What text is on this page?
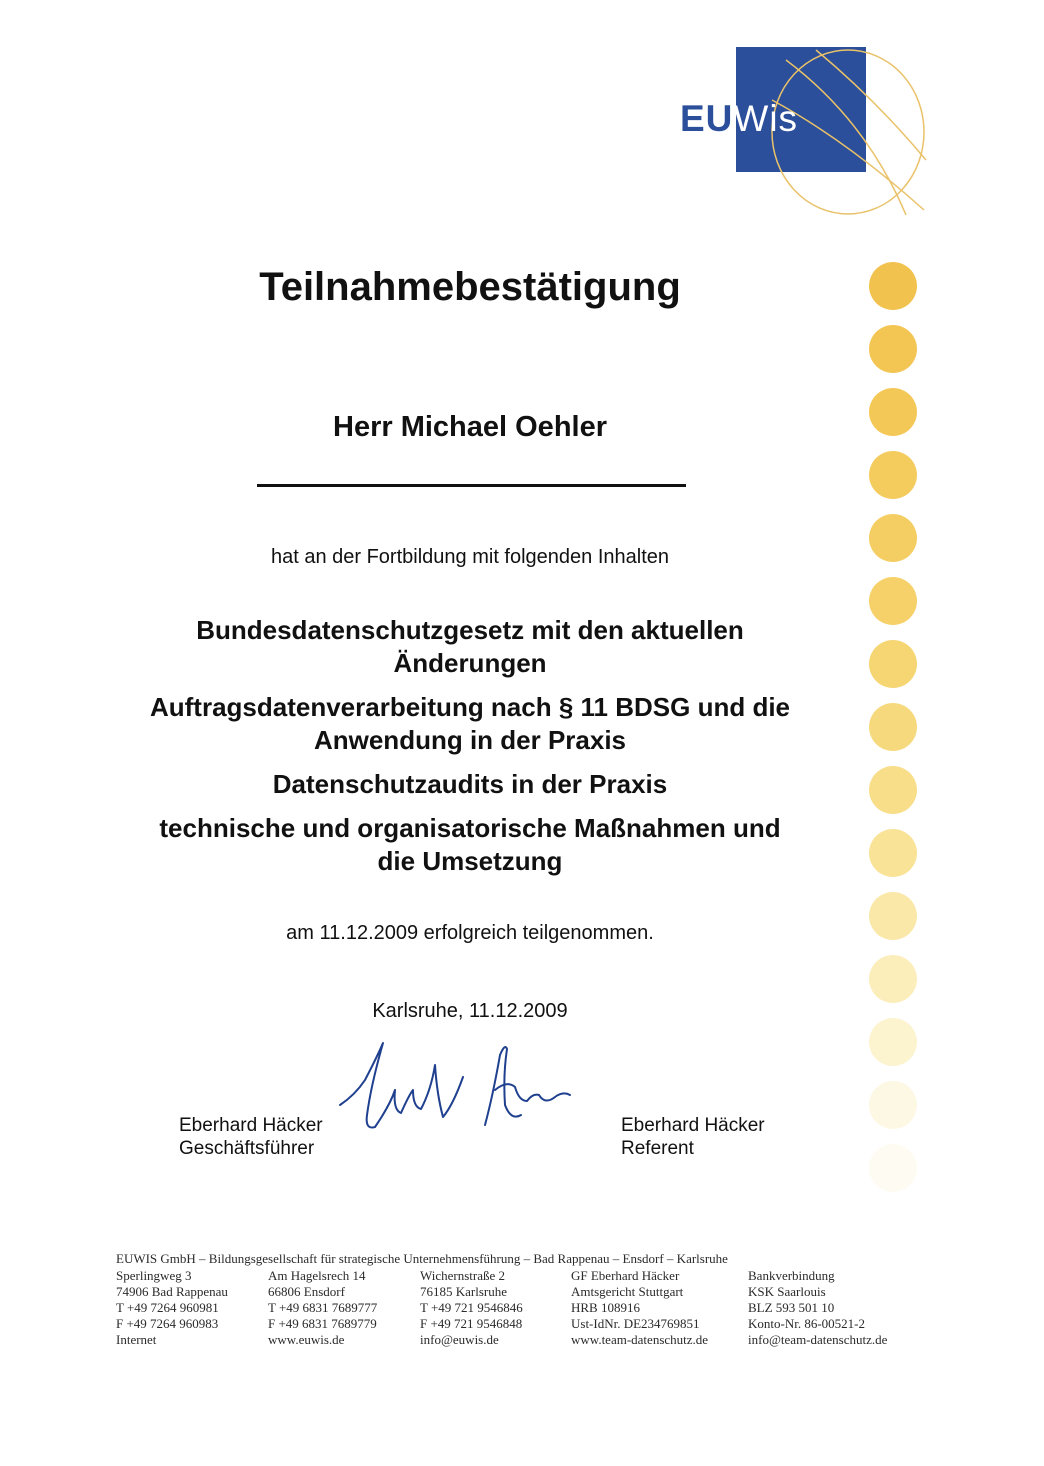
EUWis
Teilnahmebestätigung
Herr Michael Oehler
hat an der Fortbildung mit folgenden Inhalten
Bundesdatenschutzgesetz mit den aktuellen
Änderungen
Auftragsdatenverarbeitung nach § 11 BDSG und die
Anwendung in der Praxis
Datenschutzaudits in der Praxis
technische und organisatorische Maßnahmen und
die Umsetzung
am 11.12.2009 erfolgreich teilgenommen.
Karlsruhe, 11.12.2009
Eberhard Häcker
Geschäftsführer
Eberhard Häcker
Referent
EUWIS GmbH – Bildungsgesellschaft für strategische Unternehmensführung – Bad Rappenau – Ensdorf – Karlsruhe
Sperlingweg 3
74906 Bad Rappenau
T +49 7264 960981
F +49 7264 960983
Internet
Am Hagelsrech 14
66806 Ensdorf
T +49 6831 7689777
F +49 6831 7689779
www.euwis.de
Wichernstraße 2
76185 Karlsruhe
T +49 721 9546846
F +49 721 9546848
info@euwis.de
GF Eberhard Häcker
Amtsgericht Stuttgart
HRB 108916
Ust-IdNr. DE234769851
www.team-datenschutz.de
Bankverbindung
KSK Saarlouis
BLZ 593 501 10
Konto-Nr. 86-00521-2
info@team-datenschutz.de
